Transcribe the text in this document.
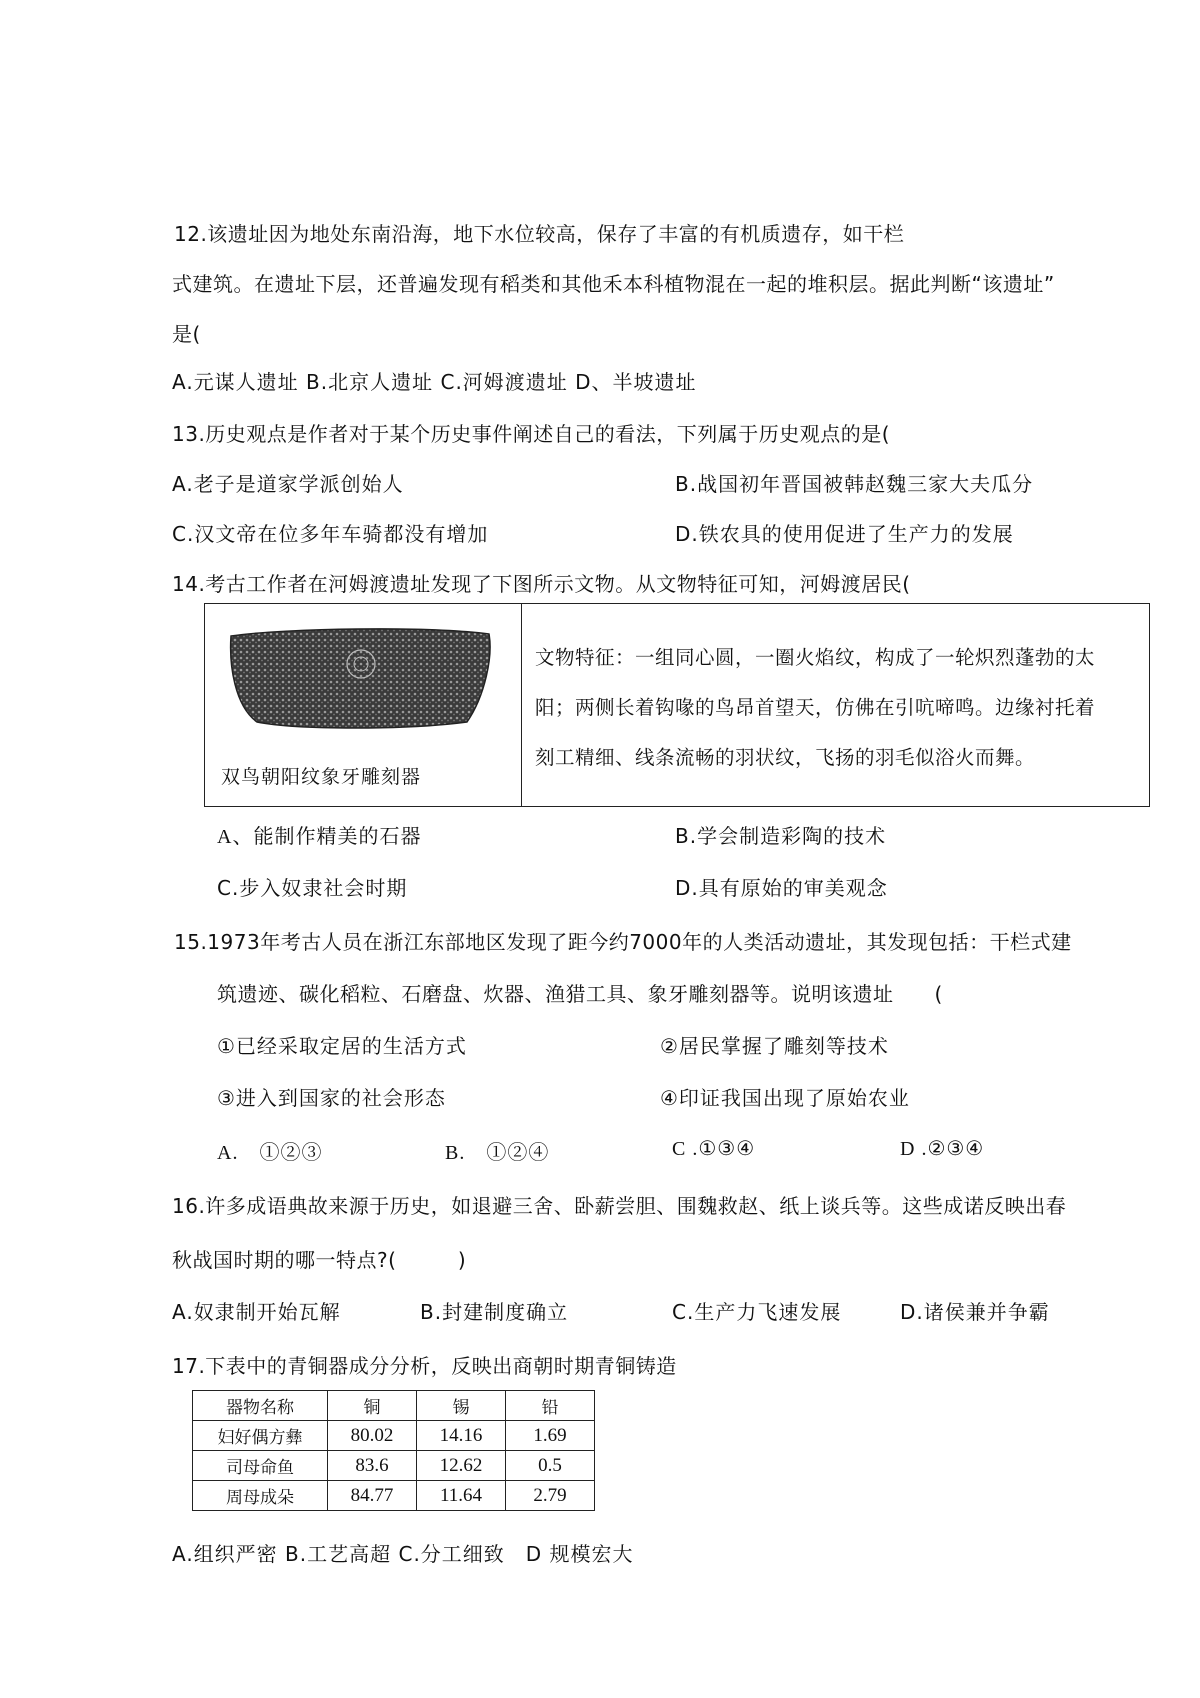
12.该遗址因为地处东南沿海，地下水位较高，保存了丰富的有机质遗存，如干栏
式建筑。在遗址下层，还普遍发现有稻类和其他禾本科植物混在一起的堆积层。据此判断“该遗址”
是(
A.元谋人遗址 B.北京人遗址 C.河姆渡遗址 D、半坡遗址
13.历史观点是作者对于某个历史事件阐述自己的看法，下列属于历史观点的是(
A.老子是道家学派创始人	B.战国初年晋国被韩赵魏三家大夫瓜分
C.汉文帝在位多年车骑都没有增加	D.铁农具的使用促进了生产力的发展
14.考古工作者在河姆渡遗址发现了下图所示文物。从文物特征可知，河姆渡居民(
双鸟朝阳纹象牙雕刻器
文物特征：一组同心圆，一圈火焰纹，构成了一轮炽烈蓬勃的太
阳；两侧长着钩喙的鸟昂首望天，仿佛在引吭啼鸣。边缘衬托着
刻工精细、线条流畅的羽状纹，飞扬的羽毛似浴火而舞。
A、能制作精美的石器	B.学会制造彩陶的技术
C.步入奴隶社会时期	D.具有原始的审美观念
15.1973年考古人员在浙江东部地区发现了距今约7000年的人类活动遗址，其发现包括：干栏式建
筑遗迹、碳化稻粒、石磨盘、炊器、渔猎工具、象牙雕刻器等。说明该遗址　　(
①已经采取定居的生活方式	②居民掌握了雕刻等技术
③进入到国家的社会形态	④印证我国出现了原始农业
A.　①②③	B.　①②④	C .①③④	D .②③④
16.许多成语典故来源于历史，如退避三舍、卧薪尝胆、围魏救赵、纸上谈兵等。这些成诺反映出春
秋战国时期的哪一特点?(　　　)
A.奴隶制开始瓦解	B.封建制度确立	C.生产力飞速发展	D.诸侯兼并争霸
17.下表中的青铜器成分分析，反映出商朝时期青铜铸造
器物名称	铜	锡	铅
妇好偶方彝	80.02	14.16	1.69
司母命鱼	83.6	12.62	0.5
周母成朵	84.77	11.64	2.79
A.组织严密 B.工艺高超 C.分工细致　D 规模宏大
